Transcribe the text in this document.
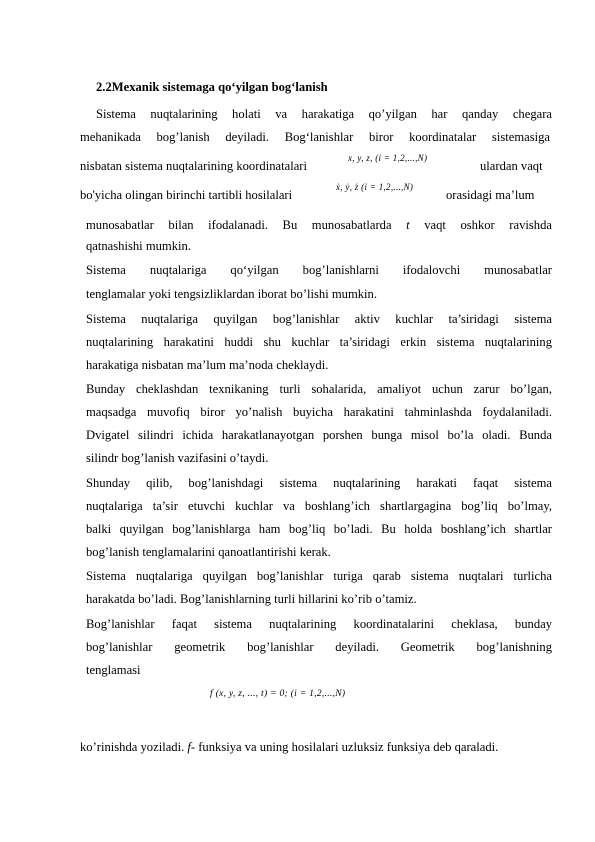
2.2Mexanik sistemaga qo‘yilgan bog‘lanish
Sistema nuqtalarining holati va harakatiga qo’yilgan har qanday chegara
mehanikada bog’lanish deyiladi. Bog‘lanishlar biror koordinatalar sistemasiga
nisbatan sistema nuqtalarining koordinatalari
x, y, z, (i = 1,2,...,N)
ulardan vaqt
bo'yicha olingan birinchi tartibli hosilalari
ẋ, ẏ, ż (i = 1,2,...,N)
orasidagi ma’lum
munosabatlar bilan ifodalanadi. Bu munosabatlarda t vaqt oshkor ravishda
qatnashishi mumkin.
Sistema nuqtalariga qo‘yilgan bog’lanishlarni ifodalovchi munosabatlar
tenglamalar yoki tengsizliklardan iborat bo’lishi mumkin.
Sistema nuqtalariga quyilgan bog’lanishlar aktiv kuchlar ta’siridagi sistema
nuqtalarining harakatini huddi shu kuchlar ta’siridagi erkin sistema nuqtalarining
harakatiga nisbatan ma’lum ma’noda cheklaydi.
Bunday cheklashdan texnikaning turli sohalarida, amaliyot uchun zarur bo’lgan,
maqsadga muvofiq biror yo’nalish buyicha harakatini tahminlashda foydalaniladi.
Dvigatel silindri ichida harakatlanayotgan porshen bunga misol bo’la oladi. Bunda
silindr bog’lanish vazifasini o’taydi.
Shunday qilib, bog’lanishdagi sistema nuqtalarining harakati faqat sistema
nuqtalariga ta’sir etuvchi kuchlar va boshlang’ich shartlargagina bog’liq bo’lmay,
balki quyilgan bog’lanishlarga ham bog’liq bo’ladi. Bu holda boshlang’ich shartlar
bog’lanish tenglamalarini qanoatlantirishi kerak.
Sistema nuqtalariga quyilgan bog’lanishlar turiga qarab sistema nuqtalari turlicha
harakatda bo’ladi. Bog’lanishlarning turli hillarini ko’rib o’tamiz.
Bog’lanishlar faqat sistema nuqtalarining koordinatalarini cheklasa, bunday
bog’lanishlar geometrik bog’lanishlar deyiladi. Geometrik bog’lanishning
tenglamasi
f (x, y, z, ..., t) = 0; (i = 1,2,...,N)
ko’rinishda yoziladi. f- funksiya va uning hosilalari uzluksiz funksiya deb qaraladi.
